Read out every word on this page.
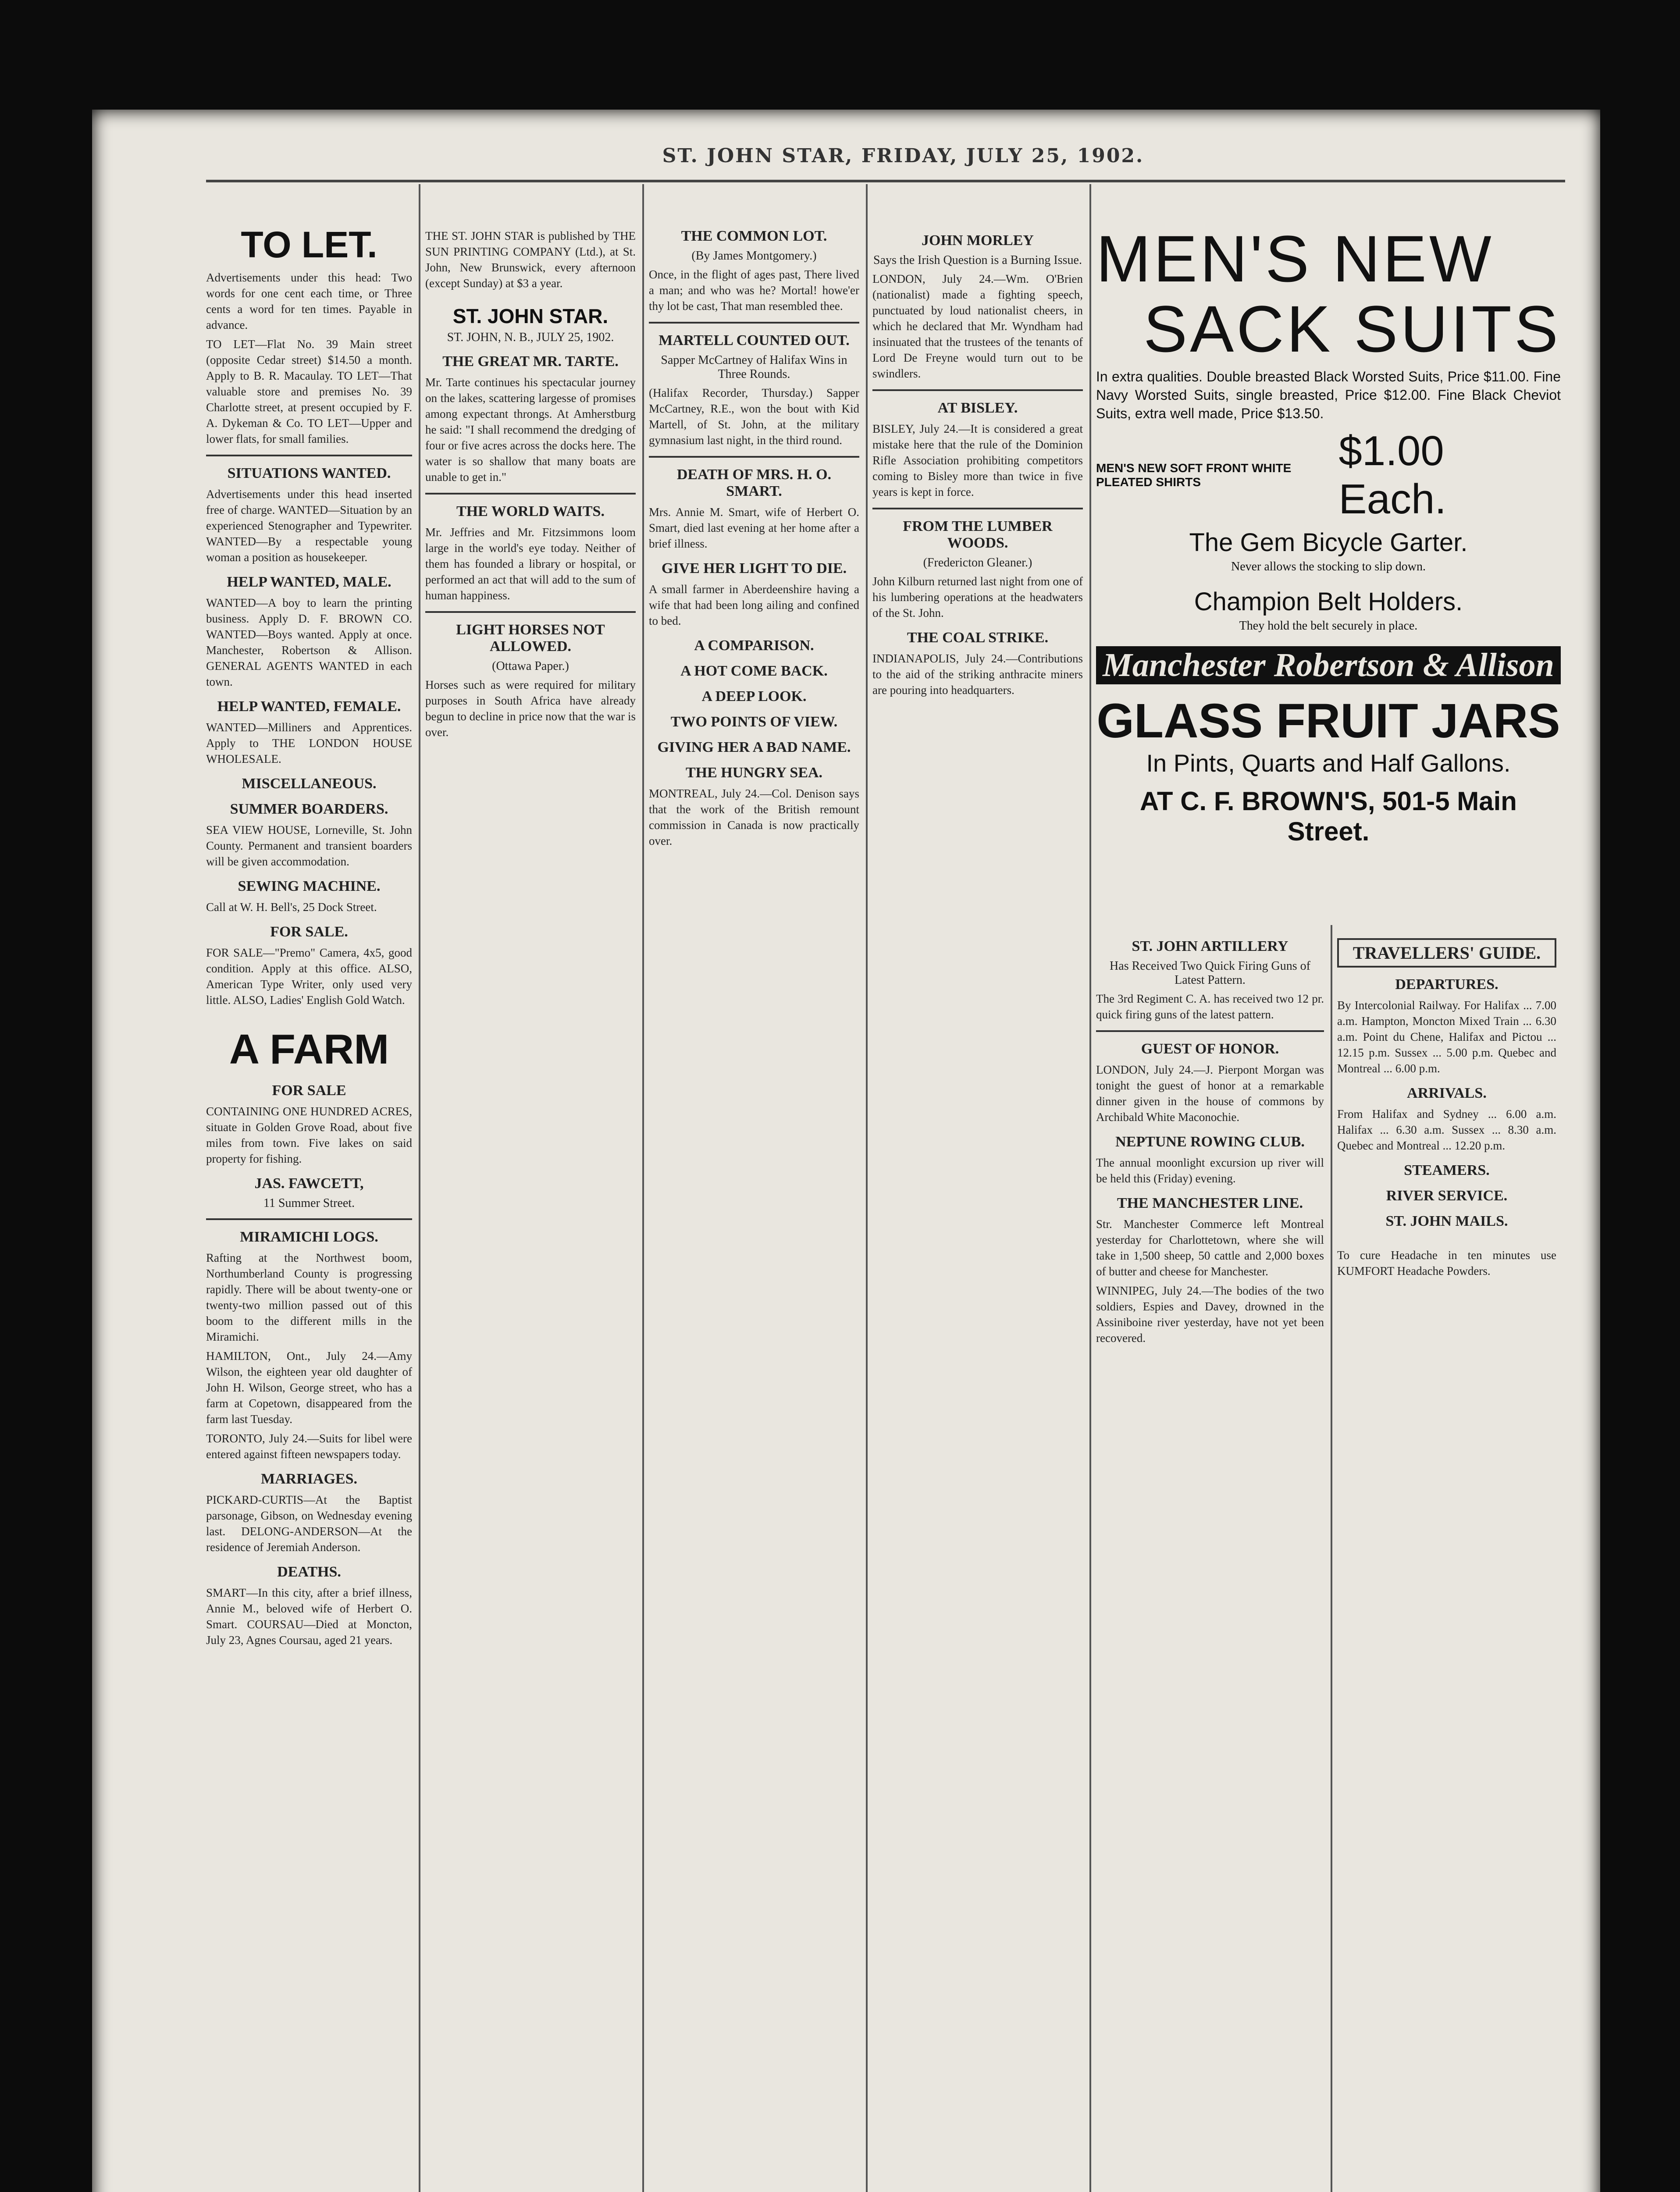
ST. JOHN STAR, FRIDAY, JULY 25, 1902.
TO LET.
Advertisements under this head: Two words for one cent each time, or Three cents a word for ten times. Payable in advance.
TO LET—Flat No. 39 Main street (opposite Cedar street) $14.50 a month. Apply to B. R. Macaulay. TO LET—That valuable store and premises No. 39 Charlotte street, at present occupied by F. A. Dykeman & Co. TO LET—Upper and lower flats, for small families.
SITUATIONS WANTED.
Advertisements under this head inserted free of charge. WANTED—Situation by an experienced Stenographer and Typewriter. WANTED—By a respectable young woman a position as housekeeper.
HELP WANTED, MALE.
WANTED—A boy to learn the printing business. Apply D. F. BROWN CO. WANTED—Boys wanted. Apply at once. Manchester, Robertson & Allison. GENERAL AGENTS WANTED in each town.
HELP WANTED, FEMALE.
WANTED—Milliners and Apprentices. Apply to THE LONDON HOUSE WHOLESALE.
MISCELLANEOUS.
SUMMER BOARDERS.
SEA VIEW HOUSE, Lorneville, St. John County. Permanent and transient boarders will be given accommodation.
SEWING MACHINE.
Call at W. H. Bell's, 25 Dock Street.
FOR SALE.
FOR SALE—"Premo" Camera, 4x5, good condition. Apply at this office. ALSO, American Type Writer, only used very little. ALSO, Ladies' English Gold Watch.
A FARM
FOR SALE
CONTAINING ONE HUNDRED ACRES, situate in Golden Grove Road, about five miles from town. Five lakes on said property for fishing.
JAS. FAWCETT,
11 Summer Street.
MIRAMICHI LOGS.
Rafting at the Northwest boom, Northumberland County is progressing rapidly. There will be about twenty-one or twenty-two million passed out of this boom to the different mills in the Miramichi.
HAMILTON, Ont., July 24.—Amy Wilson, the eighteen year old daughter of John H. Wilson, George street, who has a farm at Copetown, disappeared from the farm last Tuesday.
TORONTO, July 24.—Suits for libel were entered against fifteen newspapers today.
MARRIAGES.
PICKARD-CURTIS—At the Baptist parsonage, Gibson, on Wednesday evening last. DELONG-ANDERSON—At the residence of Jeremiah Anderson.
DEATHS.
SMART—In this city, after a brief illness, Annie M., beloved wife of Herbert O. Smart. COURSAU—Died at Moncton, July 23, Agnes Coursau, aged 21 years.
THE ST. JOHN STAR is published by THE SUN PRINTING COMPANY (Ltd.), at St. John, New Brunswick, every afternoon (except Sunday) at $3 a year.
ST. JOHN STAR.
ST. JOHN, N. B., JULY 25, 1902.
THE GREAT MR. TARTE.
Mr. Tarte continues his spectacular journey on the lakes, scattering largesse of promises among expectant throngs. At Amherstburg he said: "I shall recommend the dredging of four or five acres across the docks here. The water is so shallow that many boats are unable to get in."
THE WORLD WAITS.
Mr. Jeffries and Mr. Fitzsimmons loom large in the world's eye today. Neither of them has founded a library or hospital, or performed an act that will add to the sum of human happiness.
LIGHT HORSES NOT ALLOWED.
(Ottawa Paper.)
Horses such as were required for military purposes in South Africa have already begun to decline in price now that the war is over.
THE COMMON LOT.
(By James Montgomery.)
Once, in the flight of ages past, There lived a man; and who was he? Mortal! howe'er thy lot be cast, That man resembled thee.
MARTELL COUNTED OUT.
Sapper McCartney of Halifax Wins in Three Rounds.
(Halifax Recorder, Thursday.) Sapper McCartney, R.E., won the bout with Kid Martell, of St. John, at the military gymnasium last night, in the third round.
DEATH OF MRS. H. O. SMART.
Mrs. Annie M. Smart, wife of Herbert O. Smart, died last evening at her home after a brief illness.
GIVE HER LIGHT TO DIE.
A small farmer in Aberdeenshire having a wife that had been long ailing and confined to bed.
A COMPARISON.
A HOT COME BACK.
A DEEP LOOK.
TWO POINTS OF VIEW.
GIVING HER A BAD NAME.
THE HUNGRY SEA.
MONTREAL, July 24.—Col. Denison says that the work of the British remount commission in Canada is now practically over.
JOHN MORLEY
Says the Irish Question is a Burning Issue.
LONDON, July 24.—Wm. O'Brien (nationalist) made a fighting speech, punctuated by loud nationalist cheers, in which he declared that Mr. Wyndham had insinuated that the trustees of the tenants of Lord De Freyne would turn out to be swindlers.
AT BISLEY.
BISLEY, July 24.—It is considered a great mistake here that the rule of the Dominion Rifle Association prohibiting competitors coming to Bisley more than twice in five years is kept in force.
FROM THE LUMBER WOODS.
(Fredericton Gleaner.)
John Kilburn returned last night from one of his lumbering operations at the headwaters of the St. John.
THE COAL STRIKE.
INDIANAPOLIS, July 24.—Contributions to the aid of the striking anthracite miners are pouring into headquarters.
MEN'S NEW
SACK SUITS
In extra qualities. Double breasted Black Worsted Suits, Price $11.00. Fine Navy Worsted Suits, single breasted, Price $12.00. Fine Black Cheviot Suits, extra well made, Price $13.50.
MEN'S NEW SOFT FRONT WHITE PLEATED SHIRTS
$1.00 Each.
The Gem Bicycle Garter.
Never allows the stocking to slip down.
Champion Belt Holders.
They hold the belt securely in place.
Manchester Robertson & Allison
GLASS FRUIT JARS
In Pints, Quarts and Half Gallons.
AT C. F. BROWN'S, 501-5 Main Street.
ST. JOHN ARTILLERY
Has Received Two Quick Firing Guns of Latest Pattern.
The 3rd Regiment C. A. has received two 12 pr. quick firing guns of the latest pattern.
GUEST OF HONOR.
LONDON, July 24.—J. Pierpont Morgan was tonight the guest of honor at a remarkable dinner given in the house of commons by Archibald White Maconochie.
NEPTUNE ROWING CLUB.
The annual moonlight excursion up river will be held this (Friday) evening.
THE MANCHESTER LINE.
Str. Manchester Commerce left Montreal yesterday for Charlottetown, where she will take in 1,500 sheep, 50 cattle and 2,000 boxes of butter and cheese for Manchester.
WINNIPEG, July 24.—The bodies of the two soldiers, Espies and Davey, drowned in the Assiniboine river yesterday, have not yet been recovered.
TRAVELLERS' GUIDE.
DEPARTURES.
By Intercolonial Railway. For Halifax ... 7.00 a.m. Hampton, Moncton Mixed Train ... 6.30 a.m. Point du Chene, Halifax and Pictou ... 12.15 p.m. Sussex ... 5.00 p.m. Quebec and Montreal ... 6.00 p.m.
ARRIVALS.
From Halifax and Sydney ... 6.00 a.m. Halifax ... 6.30 a.m. Sussex ... 8.30 a.m. Quebec and Montreal ... 12.20 p.m.
STEAMERS.
RIVER SERVICE.
ST. JOHN MAILS.
To cure Headache in ten minutes use KUMFORT Headache Powders.
